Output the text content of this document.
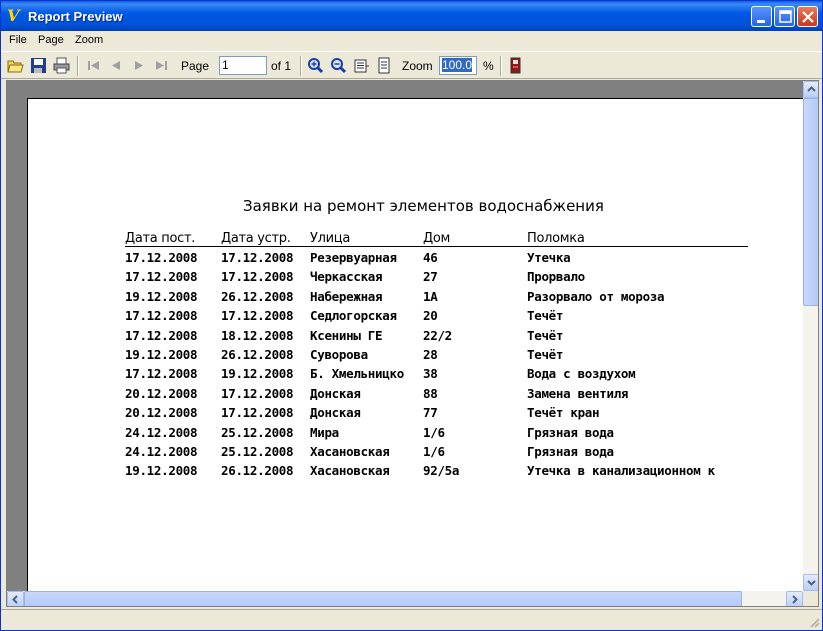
V Report Preview
File Page Zoom
Page 1	of 1	Zoom 100.0 %
Заявки на ремонт элементов водоснабжения
Дата пост. Дата устр. Улица	Дом	Поломка
17.12.2008 17.12.2008 Резервуарная 46	Утечка
17.12.2008 17.12.2008 Черкасская	27	Прорвало
19.12.2008 26.12.2008 Набережная	1А	Разорвало от мороза
17.12.2008 17.12.2008 Седлогорская 20	Течёт
17.12.2008 18.12.2008 Ксенины ГЕ	22/2	Течёт
19.12.2008 26.12.2008 Суворова	28	Течёт
17.12.2008 19.12.2008 Б. Хмельницко 38	Вода с воздухом
20.12.2008 17.12.2008 Донская	88	Замена вентиля
20.12.2008 17.12.2008 Донская	77	Течёт кран
24.12.2008 25.12.2008 Мира	1/6	Грязная вода
24.12.2008 25.12.2008 Хасановская	1/6	Грязная вода
19.12.2008 26.12.2008 Хасановская	92/5а	Утечка в канализационном к
